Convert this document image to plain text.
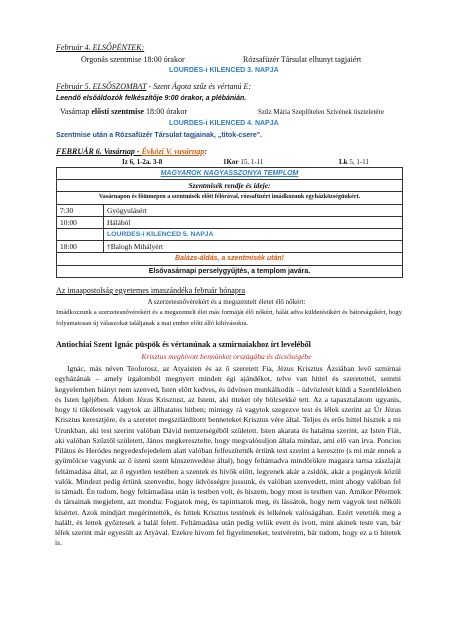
Február 4. ELSŐPÉNTEK:
Orgonás szentmise 18:00 órakor	Rózsafüzér Társulat elhunyt tagjaiért
LOURDES-i KILENCED 3. NAPJA
Február 5. ELSŐSZOMBAT - Szent Ágota szűz és vértanú E:
Leendő elsőáldozók felkészítője 9:00 órakor, a plébánián.
Vasárnap elősti szentmise 18:00 órakor	Szűz Mária Szeplőtelen Szívének tiszteletére
LOURDES-i KILENCED 4. NAPJA
Szentmise után a Rózsafüzér Társulat tagjainak, „titok-csere".
FEBRUÁR 6. Vasárnap - Évközi V. vasárnap:
Iz 6, 1-2a. 3-8	1Kor 15, 1-11	Lk 5, 1-11
MAGYAROK NAGYASSZONYA TEMPLOM	
Szentmisék rendje és ideje:	
Vasárnapon és főünnepen a szentmisék előtt félórával, rózsafüzért imádkozunk egyházközségünkért.	
7:30	Gyógyulásért
10:00	Hálából
	LOURDES-i KILENCED 5. NAPJA
18:00	†Balogh Mihályért
Balázs-áldás, a szentmisék után!	
Elsővasárnapi perselygyűjtés, a templom javára.	
Az imaapostolság egyetemes imaszándéka február hónapra
A szerzetesnővérekért és a megszentelt életet élő nőkért:
Imádkozzunk a szerzetesnővérekért és a megszentelt élet más formáját élő nőkért, hálát adva küldetésükért és bátorságukért, hogy folyamatosan új válaszokat találjanak a mai ember előtt álló kihívásokra.
Antiochiai Szent Ignác püspök és vértanúnak a szmirnaiakhoz írt leveléből
Krisztus meghívott bennünket országába és dicsőségébe
Ignác, más néven Teoforosz, az Atyaisten és az ő szeretett Fia, Jézus Krisztus Ázsiában levő szmirnai egyházának – amely irgalomból megnyert minden égi ajándékot, telve van hittel és szeretettel, semmi kegyelemben hiányt nem szenved, Isten előtt kedves, és üdvösen munkálkodik – üdvözletét küldi a Szentlélekben és Isten Igéjében. Áldom Jézus Krisztust, az Istent, aki titeket oly bölcsekké tett. Az a tapasztalatom ugyanis, hogy ti tökéletesek vagytok az állhatatos hitben; mintegy rá vagytok szegezve test és lélek szerint az Úr Jézus Krisztus keresztjére, és a szeretet megszilárdítottt benneteket Krisztus vére által. Teljes és erős hittel hisztek a mi Urunkban, aki test szerint valóban Dávid nemzetségéből született. Isten akarata és hatalma szerint, az Isten Fiát, aki valóban Szűztől született, János megkeresztelte, hogy megvalósuljon általa mindaz, ami elő van írva. Poncius Pilátus és Heródes negyedesfejedelem alatt valóban felfeszítették értünk test szerint a keresztre (s mi már ennek a gyümölcse vagyunk az ő isteni szent kínszenvedése által), hogy feltámadva mindörökre magasra tartsa zászlaját feltámadása által, az ő egyetlen testében a szentek és hívők előtt, legyenek akár a zsidók, akár a pogányok közül valók. Mindezt pedig értünk szenvedte, hogy üdvösségre jussunk, és valóban szenvedett, mint ahogy valóban fel is támadt. Én tudom, hogy feltámadása után is testben volt, és hiszem, hogy most is testben van. Amikor Péternek és társainak megjelent, azt mondta: Fogjatok meg, és tapintsatok meg, és lássátok, hogy nem vagyok test nélküli kísértet. Azok mindjárt megérintették, és hittek Krisztus testének és lelkének valóságában. Ezért vetették meg a halált, és lettek győztesek a halál felett. Feltámadása után pedig velük evett és ivott, mint akinek teste van, bár lélek szerint már egyesült az Atyával. Ezekre hívom fel figyelmeteket, testvéreim, bár tudom, hogy ez a ti hitetek is.
